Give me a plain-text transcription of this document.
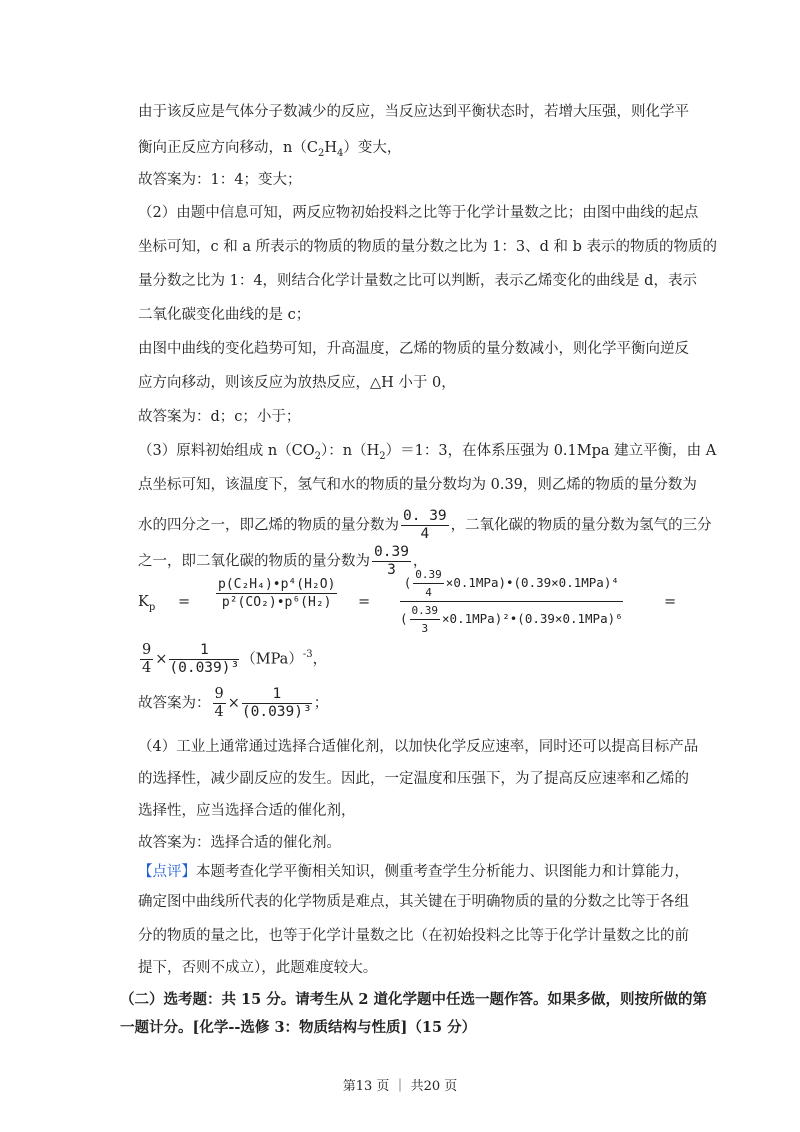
由于该反应是气体分子数减少的反应，当反应达到平衡状态时，若增大压强，则化学平
衡向正反应方向移动，$n(C_2H_4)$变大，
故答案为：1：4；变大；
（2）由题中信息可知，两反应物初始投料之比等于化学计量数之比；由图中曲线的起点
坐标可知，c 和 a 所表示的物质的物质的量分数之比为 1：3、d 和 b 表示的物质的物质的
量分数之比为 1：4，则结合化学计量数之比可以判断，表示乙烯变化的曲线是 d，表示
二氧化碳变化曲线的是 c；
由图中曲线的变化趋势可知，升高温度，乙烯的物质的量分数减小，则化学平衡向逆反
应方向移动，则该反应为放热反应，△H 小于 0，
故答案为：d；c；小于；
（3）原料初始组成 $n(CO_2)$：$n(H_2)=1$：3，在体系压强为 0.1Mpa 建立平衡，由 A
点坐标可知，该温度下，氢气和水的物质的量分数均为 0.39，则乙烯的物质的量分数为
水的四分之一，即乙烯的物质的量分数为 $\frac{0. 39}{4}$ ，二氧化碳的物质的量分数为氢气的三分
之一，即二氧化碳的物质的量分数为 $\frac{0.39}{3}$ ，
$K_p = \frac{\text{p(C₂H₄)•p⁴(H₂O)}}{\text{p²(CO₂)•p⁶(H₂)}} = \frac{( \frac{0.39}{4} \times 0.1MPa)•(0.39\times 0.1MPa)^4}{( \frac{0.39}{3} \times 0.1MPa)^2•(0.39\times 0.1MPa)^6}$	=
$\frac{9}{4} \times \frac{1}{\text{(0.039)³}} (MPa)^{-3}$，
故答案为： $\frac{9}{4} \times \frac{1}{\text{(0.039)³}}$ ；
（4）工业上通常通过选择合适催化剂，以加快化学反应速率，同时还可以提高目标产品
的选择性，减少副反应的发生。因此，一定温度和压强下，为了提高反应速率和乙烯的
选择性，应当选择合适的催化剂，
故答案为：选择合适的催化剂。
【点评】本题考查化学平衡相关知识，侧重考查学生分析能力、识图能力和计算能力，
确定图中曲线所代表的化学物质是难点，其关键在于明确物质的量的分数之比等于各组
分的物质的量之比，也等于化学计量数之比（在初始投料之比等于化学计量数之比的前
提下，否则不成立），此题难度较大。
（二）选考题：共 15 分。请考生从 2 道化学题中任选一题作答。如果多做，则按所做的第
一题计分。[化学--选修 3：物质结构与性质]（15 分）
第13 页 ｜ 共20 页
